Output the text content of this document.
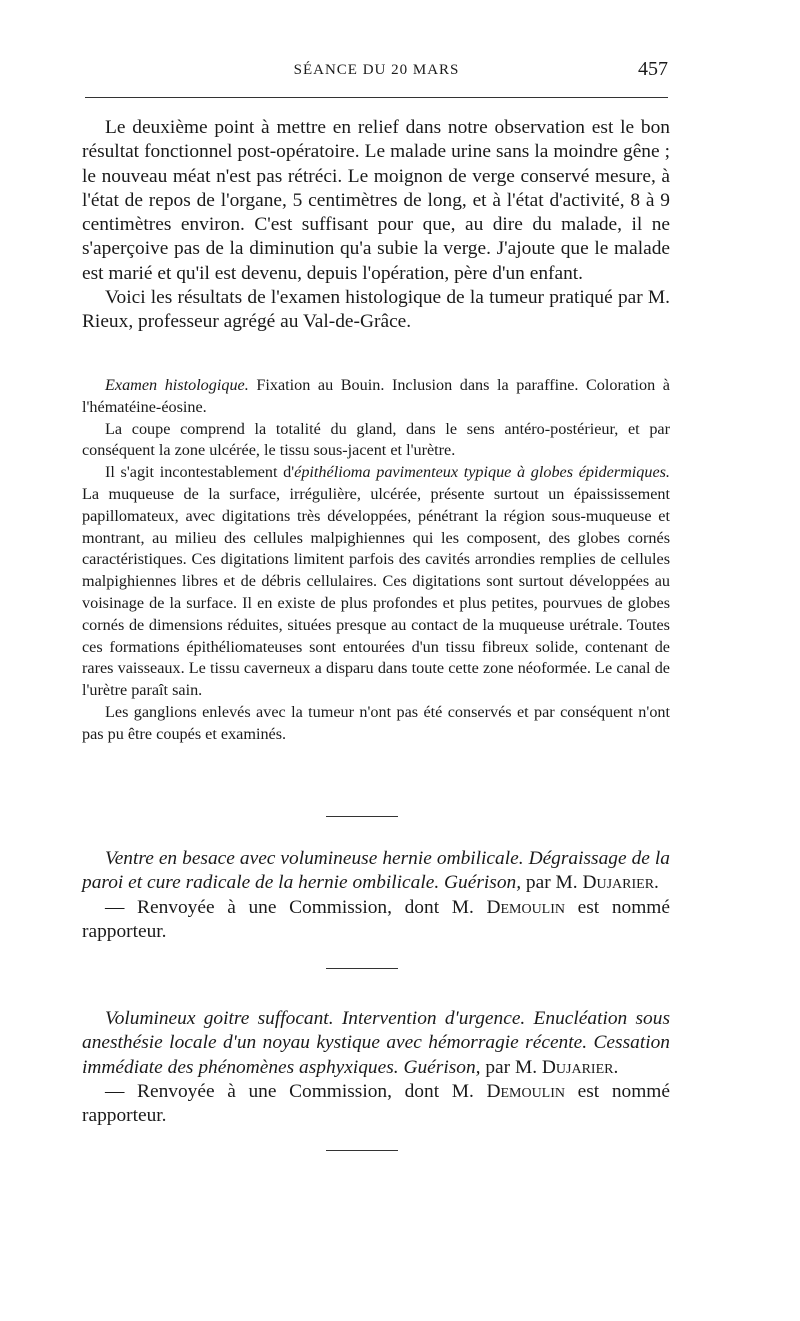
SÉANCE DU 20 MARS	457

Le deuxième point à mettre en relief dans notre observation est le bon résultat fonctionnel post-opératoire. Le malade urine sans la moindre gêne ; le nouveau méat n'est pas rétréci. Le moignon de verge conservé mesure, à l'état de repos de l'organe, 5 centimètres de long, et à l'état d'activité, 8 à 9 centimètres environ. C'est suffisant pour que, au dire du malade, il ne s'aperçoive pas de la diminution qu'a subie la verge. J'ajoute que le malade est marié et qu'il est devenu, depuis l'opération, père d'un enfant.

Voici les résultats de l'examen histologique de la tumeur pratiqué par M. Rieux, professeur agrégé au Val-de-Grâce.

Examen histologique. Fixation au Bouin. Inclusion dans la paraffine. Coloration à l'hématéine-éosine.

La coupe comprend la totalité du gland, dans le sens antéro-postérieur, et par conséquent la zone ulcérée, le tissu sous-jacent et l'urètre.

Il s'agit incontestablement d'épithélioma pavimenteux typique à globes épidermiques. La muqueuse de la surface, irrégulière, ulcérée, présente surtout un épaississement papillomateux, avec digitations très développées, pénétrant la région sous-muqueuse et montrant, au milieu des cellules malpighiennes qui les composent, des globes cornés caractéristiques. Ces digitations limitent parfois des cavités arrondies remplies de cellules malpighiennes libres et de débris cellulaires. Ces digitations sont surtout développées au voisinage de la surface. Il en existe de plus profondes et plus petites, pourvues de globes cornés de dimensions réduites, situées presque au contact de la muqueuse urétrale. Toutes ces formations épithéliomateuses sont entourées d'un tissu fibreux solide, contenant de rares vaisseaux. Le tissu caverneux a disparu dans toute cette zone néoformée. Le canal de l'urètre paraît sain.

Les ganglions enlevés avec la tumeur n'ont pas été conservés et par conséquent n'ont pas pu être coupés et examinés.

Ventre en besace avec volumineuse hernie ombilicale. Dégraissage de la paroi et cure radicale de la hernie ombilicale. Guérison, par M. Dujarier.

— Renvoyée à une Commission, dont M. Demoulin est nommé rapporteur.

Volumineux goitre suffocant. Intervention d'urgence. Enucléation sous anesthésie locale d'un noyau kystique avec hémorragie récente. Cessation immédiate des phénomènes asphyxiques. Guérison, par M. Dujarier.

— Renvoyée à une Commission, dont M. Demoulin est nommé rapporteur.
